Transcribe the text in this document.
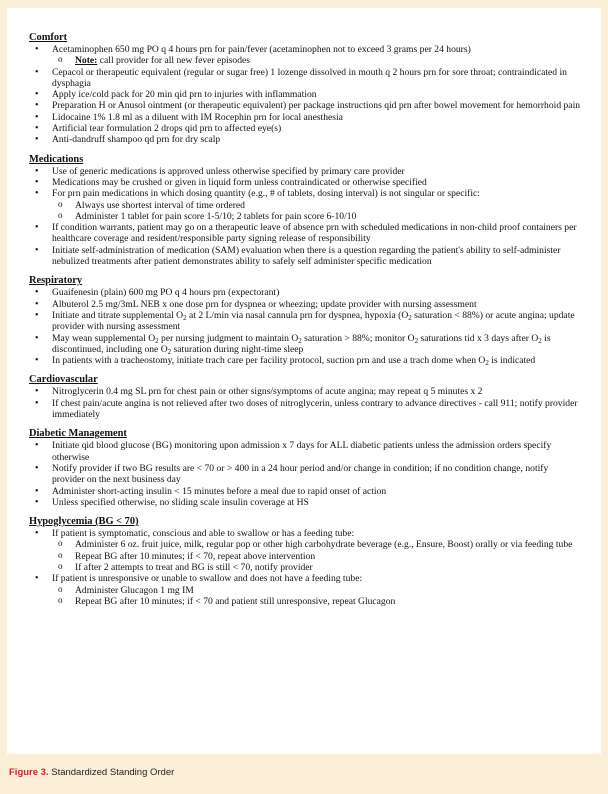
Comfort
• Acetaminophen 650 mg PO q 4 hours prn for pain/fever (acetaminophen not to exceed 3 grams per 24 hours)
o Note: call provider for all new fever episodes
• Cepacol or therapeutic equivalent (regular or sugar free) 1 lozenge dissolved in mouth q 2 hours prn for sore throat; contraindicated in dysphagia
• Apply ice/cold pack for 20 min qid prn to injuries with inflammation
• Preparation H or Anusol ointment (or therapeutic equivalent) per package instructions qid prn after bowel movement for hemorrhoid pain
• Lidocaine 1% 1.8 ml as a diluent with IM Rocephin prn for local anesthesia
• Artificial tear formulation 2 drops qid prn to affected eye(s)
• Anti-dandruff shampoo qd prn for dry scalp
Medications
• Use of generic medications is approved unless otherwise specified by primary care provider
• Medications may be crushed or given in liquid form unless contraindicated or otherwise specified
• For prn pain medications in which dosing quantity (e.g., # of tablets, dosing interval) is not singular or specific:
o Always use shortest interval of time ordered
o Administer 1 tablet for pain score 1-5/10; 2 tablets for pain score 6-10/10
• If condition warrants, patient may go on a therapeutic leave of absence prn with scheduled medications in non-child proof containers per healthcare coverage and resident/responsible party signing release of responsibility
• Initiate self-administration of medication (SAM) evaluation when there is a question regarding the patient's ability to self-administer nebulized treatments after patient demonstrates ability to safely self administer specific medication
Respiratory
• Guaifenesin (plain) 600 mg PO q 4 hours prn (expectorant)
• Albuterol 2.5 mg/3mL NEB x one dose prn for dyspnea or wheezing; update provider with nursing assessment
• Initiate and titrate supplemental $O_2$ at 2 L/min via nasal cannula prn for dyspnea, hypoxia ($O_2$ saturation < 88%) or acute angina; update provider with nursing assessment
• May wean supplemental $O_2$ per nursing judgment to maintain $O_2$ saturation > 88%; monitor $O_2$ saturations tid x 3 days after $O_2$ is discontinued, including one $O_2$ saturation during night-time sleep
• In patients with a tracheostomy, initiate trach care per facility protocol, suction prn and use a trach dome when $O_2$ is indicated
Cardiovascular
• Nitroglycerin 0.4 mg SL prn for chest pain or other signs/symptoms of acute angina; may repeat q 5 minutes x 2
• If chest pain/acute angina is not relieved after two doses of nitroglycerin, unless contrary to advance directives - call 911; notify provider immediately
Diabetic Management
• Initiate qid blood glucose (BG) monitoring upon admission x 7 days for ALL diabetic patients unless the admission orders specify otherwise
• Notify provider if two BG results are < 70 or > 400 in a 24 hour period and/or change in condition; if no condition change, notify provider on the next business day
• Administer short-acting insulin < 15 minutes before a meal due to rapid onset of action
• Unless specified otherwise, no sliding scale insulin coverage at HS
Hypoglycemia (BG < 70)
• If patient is symptomatic, conscious and able to swallow or has a feeding tube:
o Administer 6 oz. fruit juice, milk, regular pop or other high carbohydrate beverage (e.g., Ensure, Boost) orally or via feeding tube
o Repeat BG after 10 minutes; if < 70, repeat above intervention
o If after 2 attempts to treat and BG is still < 70, notify provider
• If patient is unresponsive or unable to swallow and does not have a feeding tube:
o Administer Glucagon 1 mg IM
o Repeat BG after 10 minutes; if < 70 and patient still unresponsive, repeat Glucagon
Figure 3. Standardized Standing Order
